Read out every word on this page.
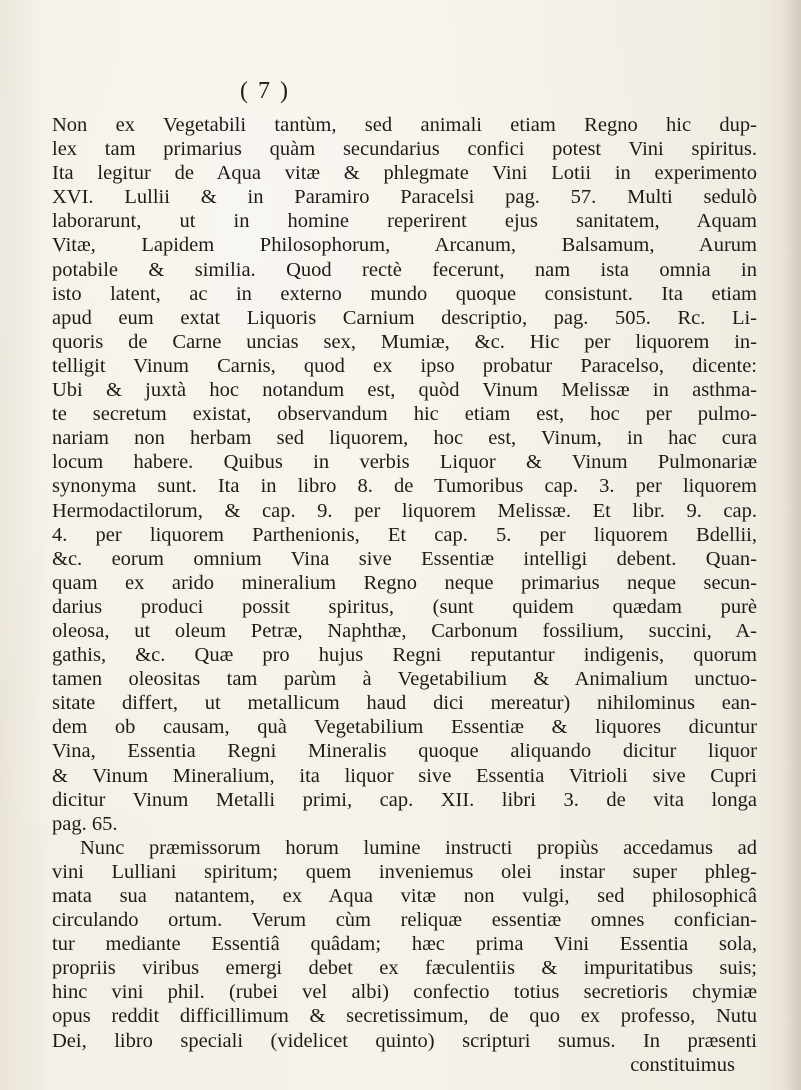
( 7 )
Non ex Vegetabili tantùm, sed animali etiam Regno hic dup-
lex tam primarius quàm secundarius confici potest Vini spiritus.
Ita legitur de Aqua vitæ & phlegmate Vini Lotii in experimento
XVI. Lullii & in Paramiro Paracelsi pag. 57. Multi sedulò
laborarunt, ut in homine reperirent ejus sanitatem, Aquam
Vitæ, Lapidem Philosophorum, Arcanum, Balsamum, Aurum
potabile & similia. Quod rectè fecerunt, nam ista omnia in
isto latent, ac in externo mundo quoque consistunt. Ita etiam
apud eum extat Liquoris Carnium descriptio, pag. 505. Rc. Li-
quoris de Carne uncias sex, Mumiæ, &c. Hic per liquorem in-
telligit Vinum Carnis, quod ex ipso probatur Paracelso, dicente:
Ubi & juxtà hoc notandum est, quòd Vinum Melissæ in asthma-
te secretum existat, observandum hic etiam est, hoc per pulmo-
nariam non herbam sed liquorem, hoc est, Vinum, in hac cura
locum habere. Quibus in verbis Liquor & Vinum Pulmonariæ
synonyma sunt. Ita in libro 8. de Tumoribus cap. 3. per liquorem
Hermodactilorum, & cap. 9. per liquorem Melissæ. Et libr. 9. cap.
4. per liquorem Parthenionis, Et cap. 5. per liquorem Bdellii,
&c. eorum omnium Vina sive Essentiæ intelligi debent. Quan-
quam ex arido mineralium Regno neque primarius neque secun-
darius produci possit spiritus, (sunt quidem quædam purè
oleosa, ut oleum Petræ, Naphthæ, Carbonum fossilium, succini, A-
gathis, &c. Quæ pro hujus Regni reputantur indigenis, quorum
tamen oleositas tam parùm à Vegetabilium & Animalium unctuo-
sitate differt, ut metallicum haud dici mereatur) nihilominus ean-
dem ob causam, quà Vegetabilium Essentiæ & liquores dicuntur
Vina, Essentia Regni Mineralis quoque aliquando dicitur liquor
& Vinum Mineralium, ita liquor sive Essentia Vitrioli sive Cupri
dicitur Vinum Metalli primi, cap. XII. libri 3. de vita longa
pag. 65.
Nunc præmissorum horum lumine instructi propiùs accedamus ad
vini Lulliani spiritum; quem inveniemus olei instar super phleg-
mata sua natantem, ex Aqua vitæ non vulgi, sed philosophicâ
circulando ortum. Verum cùm reliquæ essentiæ omnes confician-
tur mediante Essentiâ quâdam; hæc prima Vini Essentia sola,
propriis viribus emergi debet ex fæculentiis & impuritatibus suis;
hinc vini phil. (rubei vel albi) confectio totius secretioris chymiæ
opus reddit difficillimum & secretissimum, de quo ex professo, Nutu
Dei, libro speciali (videlicet quinto) scripturi sumus. In præsenti
constituimus
